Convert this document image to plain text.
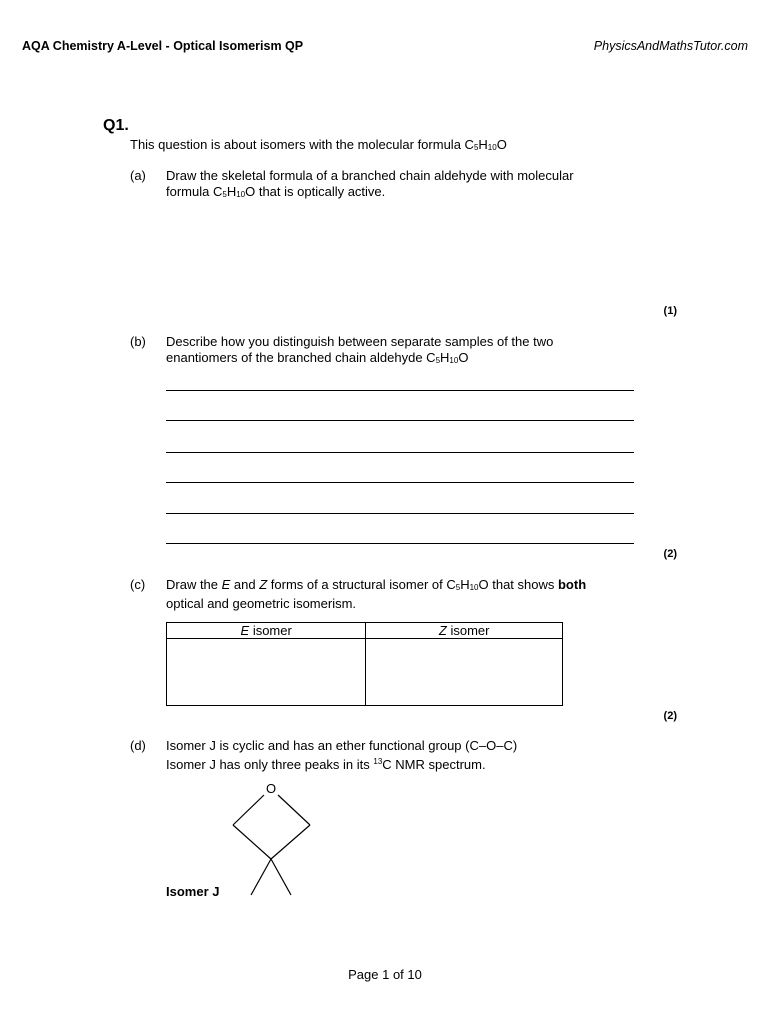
AQA Chemistry A-Level - Optical Isomerism QP	PhysicsAndMathsTutor.com
Q1.
This question is about isomers with the molecular formula $C_5H_{10}O$
(a) Draw the skeletal formula of a branched chain aldehyde with molecular
formula $C_5H_{10}O$ that is optically active.
(1)
(b) Describe how you distinguish between separate samples of the two
enantiomers of the branched chain aldehyde $C_5H_{10}O$
(2)
(c) Draw the E and Z forms of a structural isomer of $C_5H_{10}O$ that shows both
optical and geometric isomerism.
E isomer	Z isomer

(2)
(d) Isomer J is cyclic and has an ether functional group (C–O–C)
Isomer J has only three peaks in its $^{13}$C NMR spectrum.
O
Isomer J
Page 1 of 10
